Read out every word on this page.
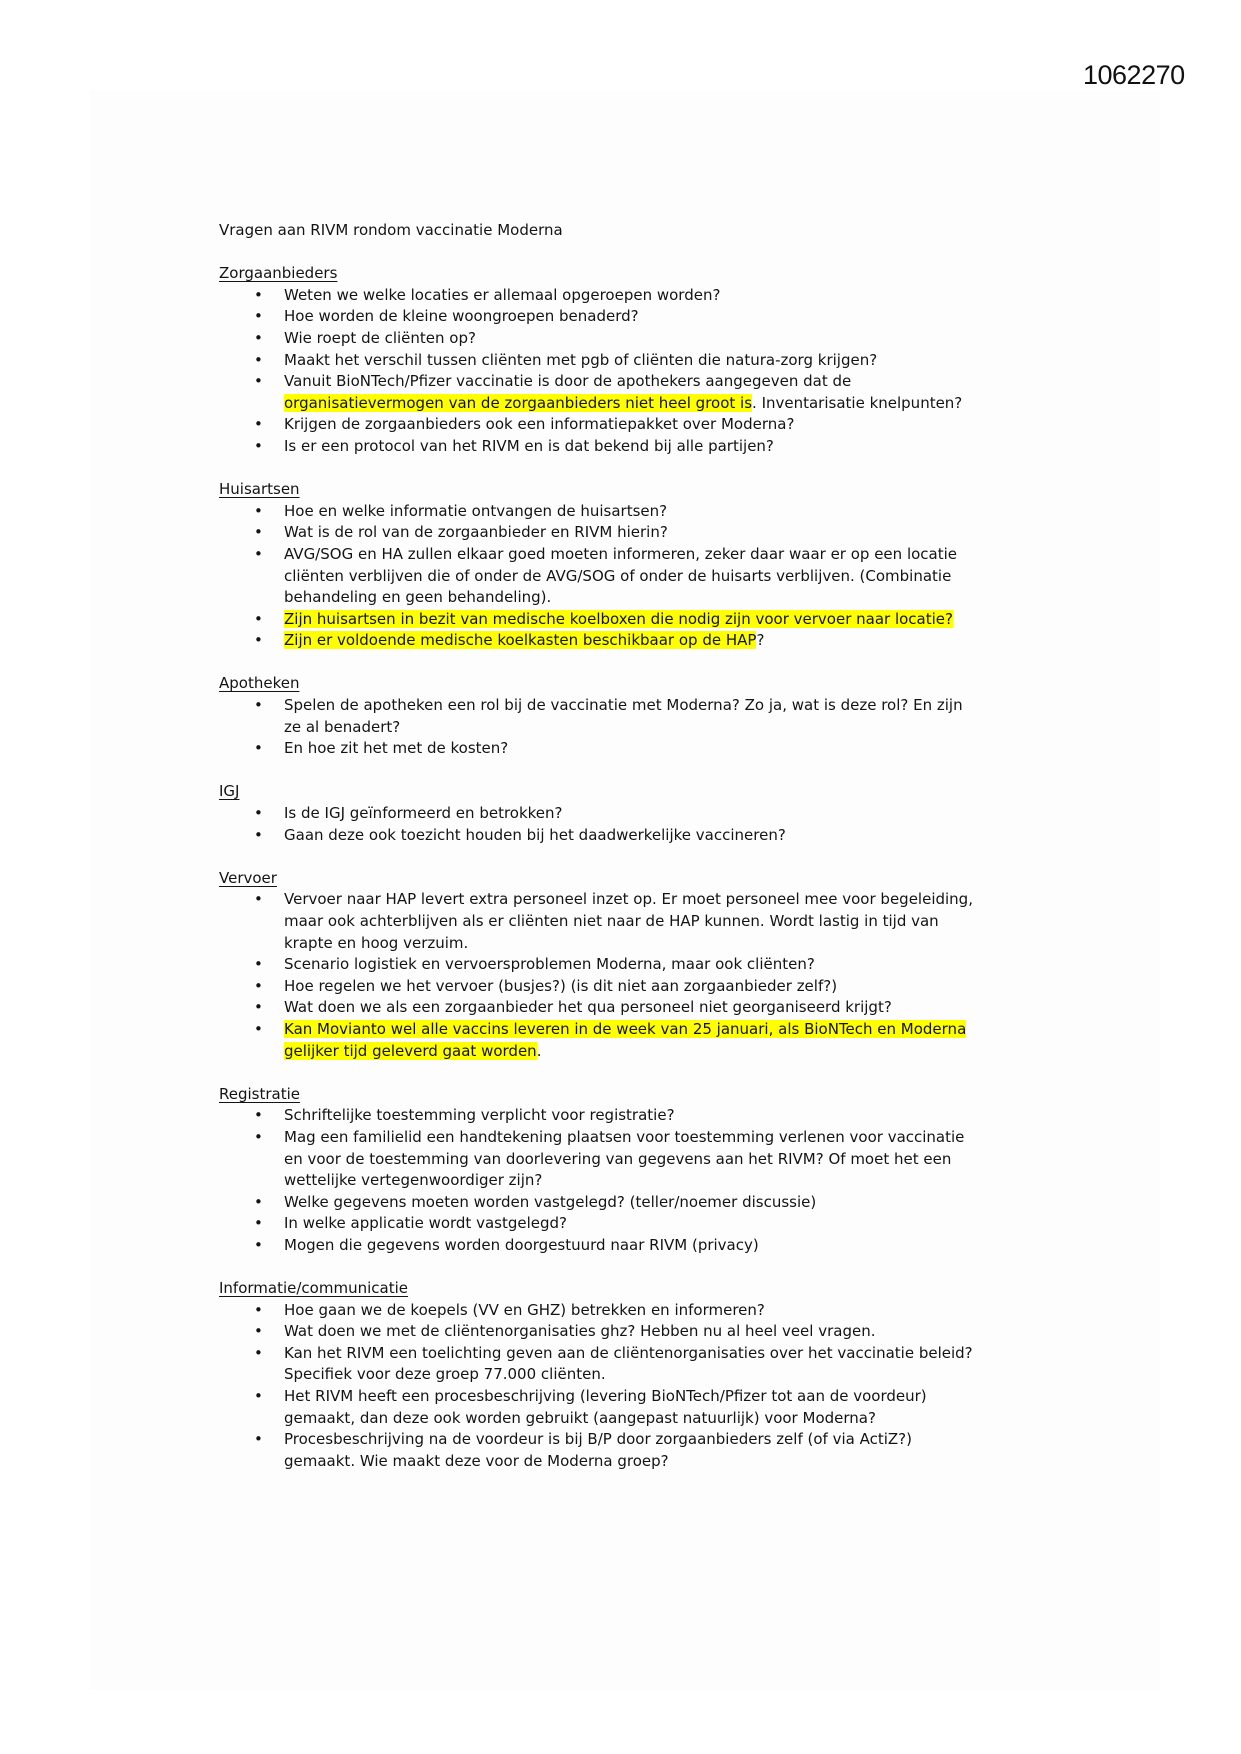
1062270
Vragen aan RIVM rondom vaccinatie Moderna
Zorgaanbieders
•	Weten we welke locaties er allemaal opgeroepen worden?
•	Hoe worden de kleine woongroepen benaderd?
•	Wie roept de cliënten op?
•	Maakt het verschil tussen cliënten met pgb of cliënten die natura-zorg krijgen?
•	Vanuit BioNTech/Pfizer vaccinatie is door de apothekers aangegeven dat de
organisatievermogen van de zorgaanbieders niet heel groot is. Inventarisatie knelpunten?
•	Krijgen de zorgaanbieders ook een informatiepakket over Moderna?
•	Is er een protocol van het RIVM en is dat bekend bij alle partijen?
Huisartsen
•	Hoe en welke informatie ontvangen de huisartsen?
•	Wat is de rol van de zorgaanbieder en RIVM hierin?
•	AVG/SOG en HA zullen elkaar goed moeten informeren, zeker daar waar er op een locatie
cliënten verblijven die of onder de AVG/SOG of onder de huisarts verblijven. (Combinatie
behandeling en geen behandeling).
•	Zijn huisartsen in bezit van medische koelboxen die nodig zijn voor vervoer naar locatie?
•	Zijn er voldoende medische koelkasten beschikbaar op de HAP?
Apotheken
•	Spelen de apotheken een rol bij de vaccinatie met Moderna? Zo ja, wat is deze rol? En zijn
ze al benadert?
•	En hoe zit het met de kosten?
IGJ
•	Is de IGJ geïnformeerd en betrokken?
•	Gaan deze ook toezicht houden bij het daadwerkelijke vaccineren?
Vervoer
•	Vervoer naar HAP levert extra personeel inzet op. Er moet personeel mee voor begeleiding,
maar ook achterblijven als er cliënten niet naar de HAP kunnen. Wordt lastig in tijd van
krapte en hoog verzuim.
•	Scenario logistiek en vervoersproblemen Moderna, maar ook cliënten?
•	Hoe regelen we het vervoer (busjes?) (is dit niet aan zorgaanbieder zelf?)
•	Wat doen we als een zorgaanbieder het qua personeel niet georganiseerd krijgt?
•	Kan Movianto wel alle vaccins leveren in de week van 25 januari, als BioNTech en Moderna
gelijker tijd geleverd gaat worden.
Registratie
•	Schriftelijke toestemming verplicht voor registratie?
•	Mag een familielid een handtekening plaatsen voor toestemming verlenen voor vaccinatie
en voor de toestemming van doorlevering van gegevens aan het RIVM? Of moet het een
wettelijke vertegenwoordiger zijn?
•	Welke gegevens moeten worden vastgelegd? (teller/noemer discussie)
•	In welke applicatie wordt vastgelegd?
•	Mogen die gegevens worden doorgestuurd naar RIVM (privacy)
Informatie/communicatie
•	Hoe gaan we de koepels (VV en GHZ) betrekken en informeren?
•	Wat doen we met de cliëntenorganisaties ghz? Hebben nu al heel veel vragen.
•	Kan het RIVM een toelichting geven aan de cliëntenorganisaties over het vaccinatie beleid?
Specifiek voor deze groep 77.000 cliënten.
•	Het RIVM heeft een procesbeschrijving (levering BioNTech/Pfizer tot aan de voordeur)
gemaakt, dan deze ook worden gebruikt (aangepast natuurlijk) voor Moderna?
•	Procesbeschrijving na de voordeur is bij B/P door zorgaanbieders zelf (of via ActiZ?)
gemaakt. Wie maakt deze voor de Moderna groep?
